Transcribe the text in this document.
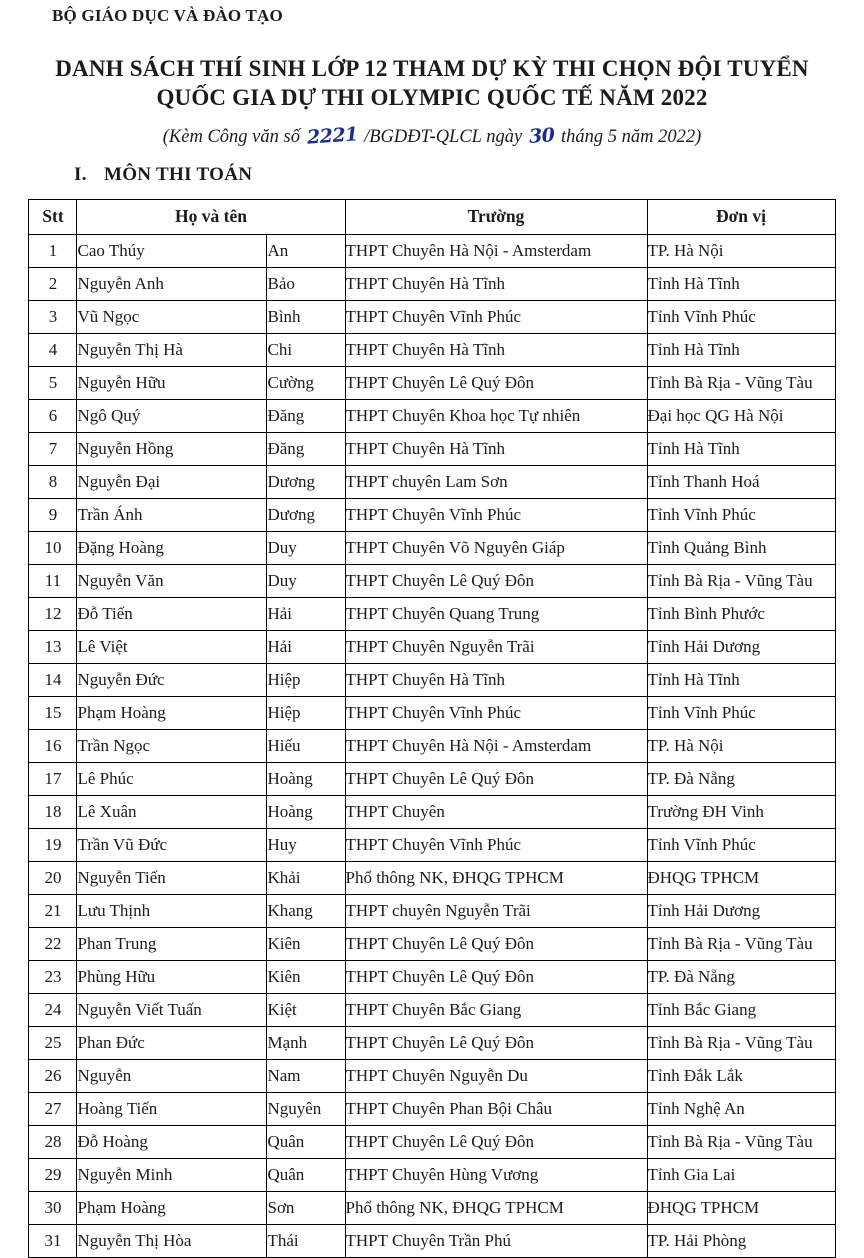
BỘ GIÁO DỤC VÀ ĐÀO TẠO
DANH SÁCH THÍ SINH LỚP 12 THAM DỰ KỲ THI CHỌN ĐỘI TUYỂN
QUỐC GIA DỰ THI OLYMPIC QUỐC TẾ NĂM 2022
(Kèm Công văn số 2221 /BGDĐT-QLCL ngày 30 tháng 5 năm 2022)
I. MÔN THI TOÁN
Stt	Họ và tên		Trường	Đơn vị
1	Cao Thúy	An	THPT Chuyên Hà Nội - Amsterdam	TP. Hà Nội
2	Nguyễn Anh	Bảo	THPT Chuyên Hà Tĩnh	Tỉnh Hà Tĩnh
3	Vũ Ngọc	Bình	THPT Chuyên Vĩnh Phúc	Tỉnh Vĩnh Phúc
4	Nguyễn Thị Hà	Chi	THPT Chuyên Hà Tĩnh	Tỉnh Hà Tĩnh
5	Nguyễn Hữu	Cường	THPT Chuyên Lê Quý Đôn	Tỉnh Bà Rịa - Vũng Tàu
6	Ngô Quý	Đăng	THPT Chuyên Khoa học Tự nhiên	Đại học QG Hà Nội
7	Nguyễn Hồng	Đăng	THPT Chuyên Hà Tĩnh	Tỉnh Hà Tĩnh
8	Nguyễn Đại	Dương	THPT chuyên Lam Sơn	Tỉnh Thanh Hoá
9	Trần Ánh	Dương	THPT Chuyên Vĩnh Phúc	Tỉnh Vĩnh Phúc
10	Đặng Hoàng	Duy	THPT Chuyên Võ Nguyên Giáp	Tỉnh Quảng Bình
11	Nguyễn Văn	Duy	THPT Chuyên Lê Quý Đôn	Tỉnh Bà Rịa - Vũng Tàu
12	Đỗ Tiến	Hải	THPT Chuyên Quang Trung	Tỉnh Bình Phước
13	Lê Việt	Hải	THPT Chuyên Nguyễn Trãi	Tỉnh Hải Dương
14	Nguyễn Đức	Hiệp	THPT Chuyên Hà Tĩnh	Tỉnh Hà Tĩnh
15	Phạm Hoàng	Hiệp	THPT Chuyên Vĩnh Phúc	Tỉnh Vĩnh Phúc
16	Trần Ngọc	Hiếu	THPT Chuyên Hà Nội - Amsterdam	TP. Hà Nội
17	Lê Phúc	Hoàng	THPT Chuyên Lê Quý Đôn	TP. Đà Nẵng
18	Lê Xuân	Hoàng	THPT Chuyên	Trường ĐH Vinh
19	Trần Vũ Đức	Huy	THPT Chuyên Vĩnh Phúc	Tỉnh Vĩnh Phúc
20	Nguyễn Tiến	Khải	Phổ thông NK, ĐHQG TPHCM	ĐHQG TPHCM
21	Lưu Thịnh	Khang	THPT chuyên Nguyễn Trãi	Tỉnh Hải Dương
22	Phan Trung	Kiên	THPT Chuyên Lê Quý Đôn	Tỉnh Bà Rịa - Vũng Tàu
23	Phùng Hữu	Kiên	THPT Chuyên Lê Quý Đôn	TP. Đà Nẵng
24	Nguyễn Viết Tuấn	Kiệt	THPT Chuyên Bắc Giang	Tỉnh Bắc Giang
25	Phan Đức	Mạnh	THPT Chuyên Lê Quý Đôn	Tỉnh Bà Rịa - Vũng Tàu
26	Nguyễn	Nam	THPT Chuyên Nguyễn Du	Tỉnh Đắk Lắk
27	Hoàng Tiến	Nguyên	THPT Chuyên Phan Bội Châu	Tỉnh Nghệ An
28	Đỗ Hoàng	Quân	THPT Chuyên Lê Quý Đôn	Tỉnh Bà Rịa - Vũng Tàu
29	Nguyễn Minh	Quân	THPT Chuyên Hùng Vương	Tỉnh Gia Lai
30	Phạm Hoàng	Sơn	Phổ thông NK, ĐHQG TPHCM	ĐHQG TPHCM
31	Nguyễn Thị Hòa	Thái	THPT Chuyên Trần Phú	TP. Hải Phòng
